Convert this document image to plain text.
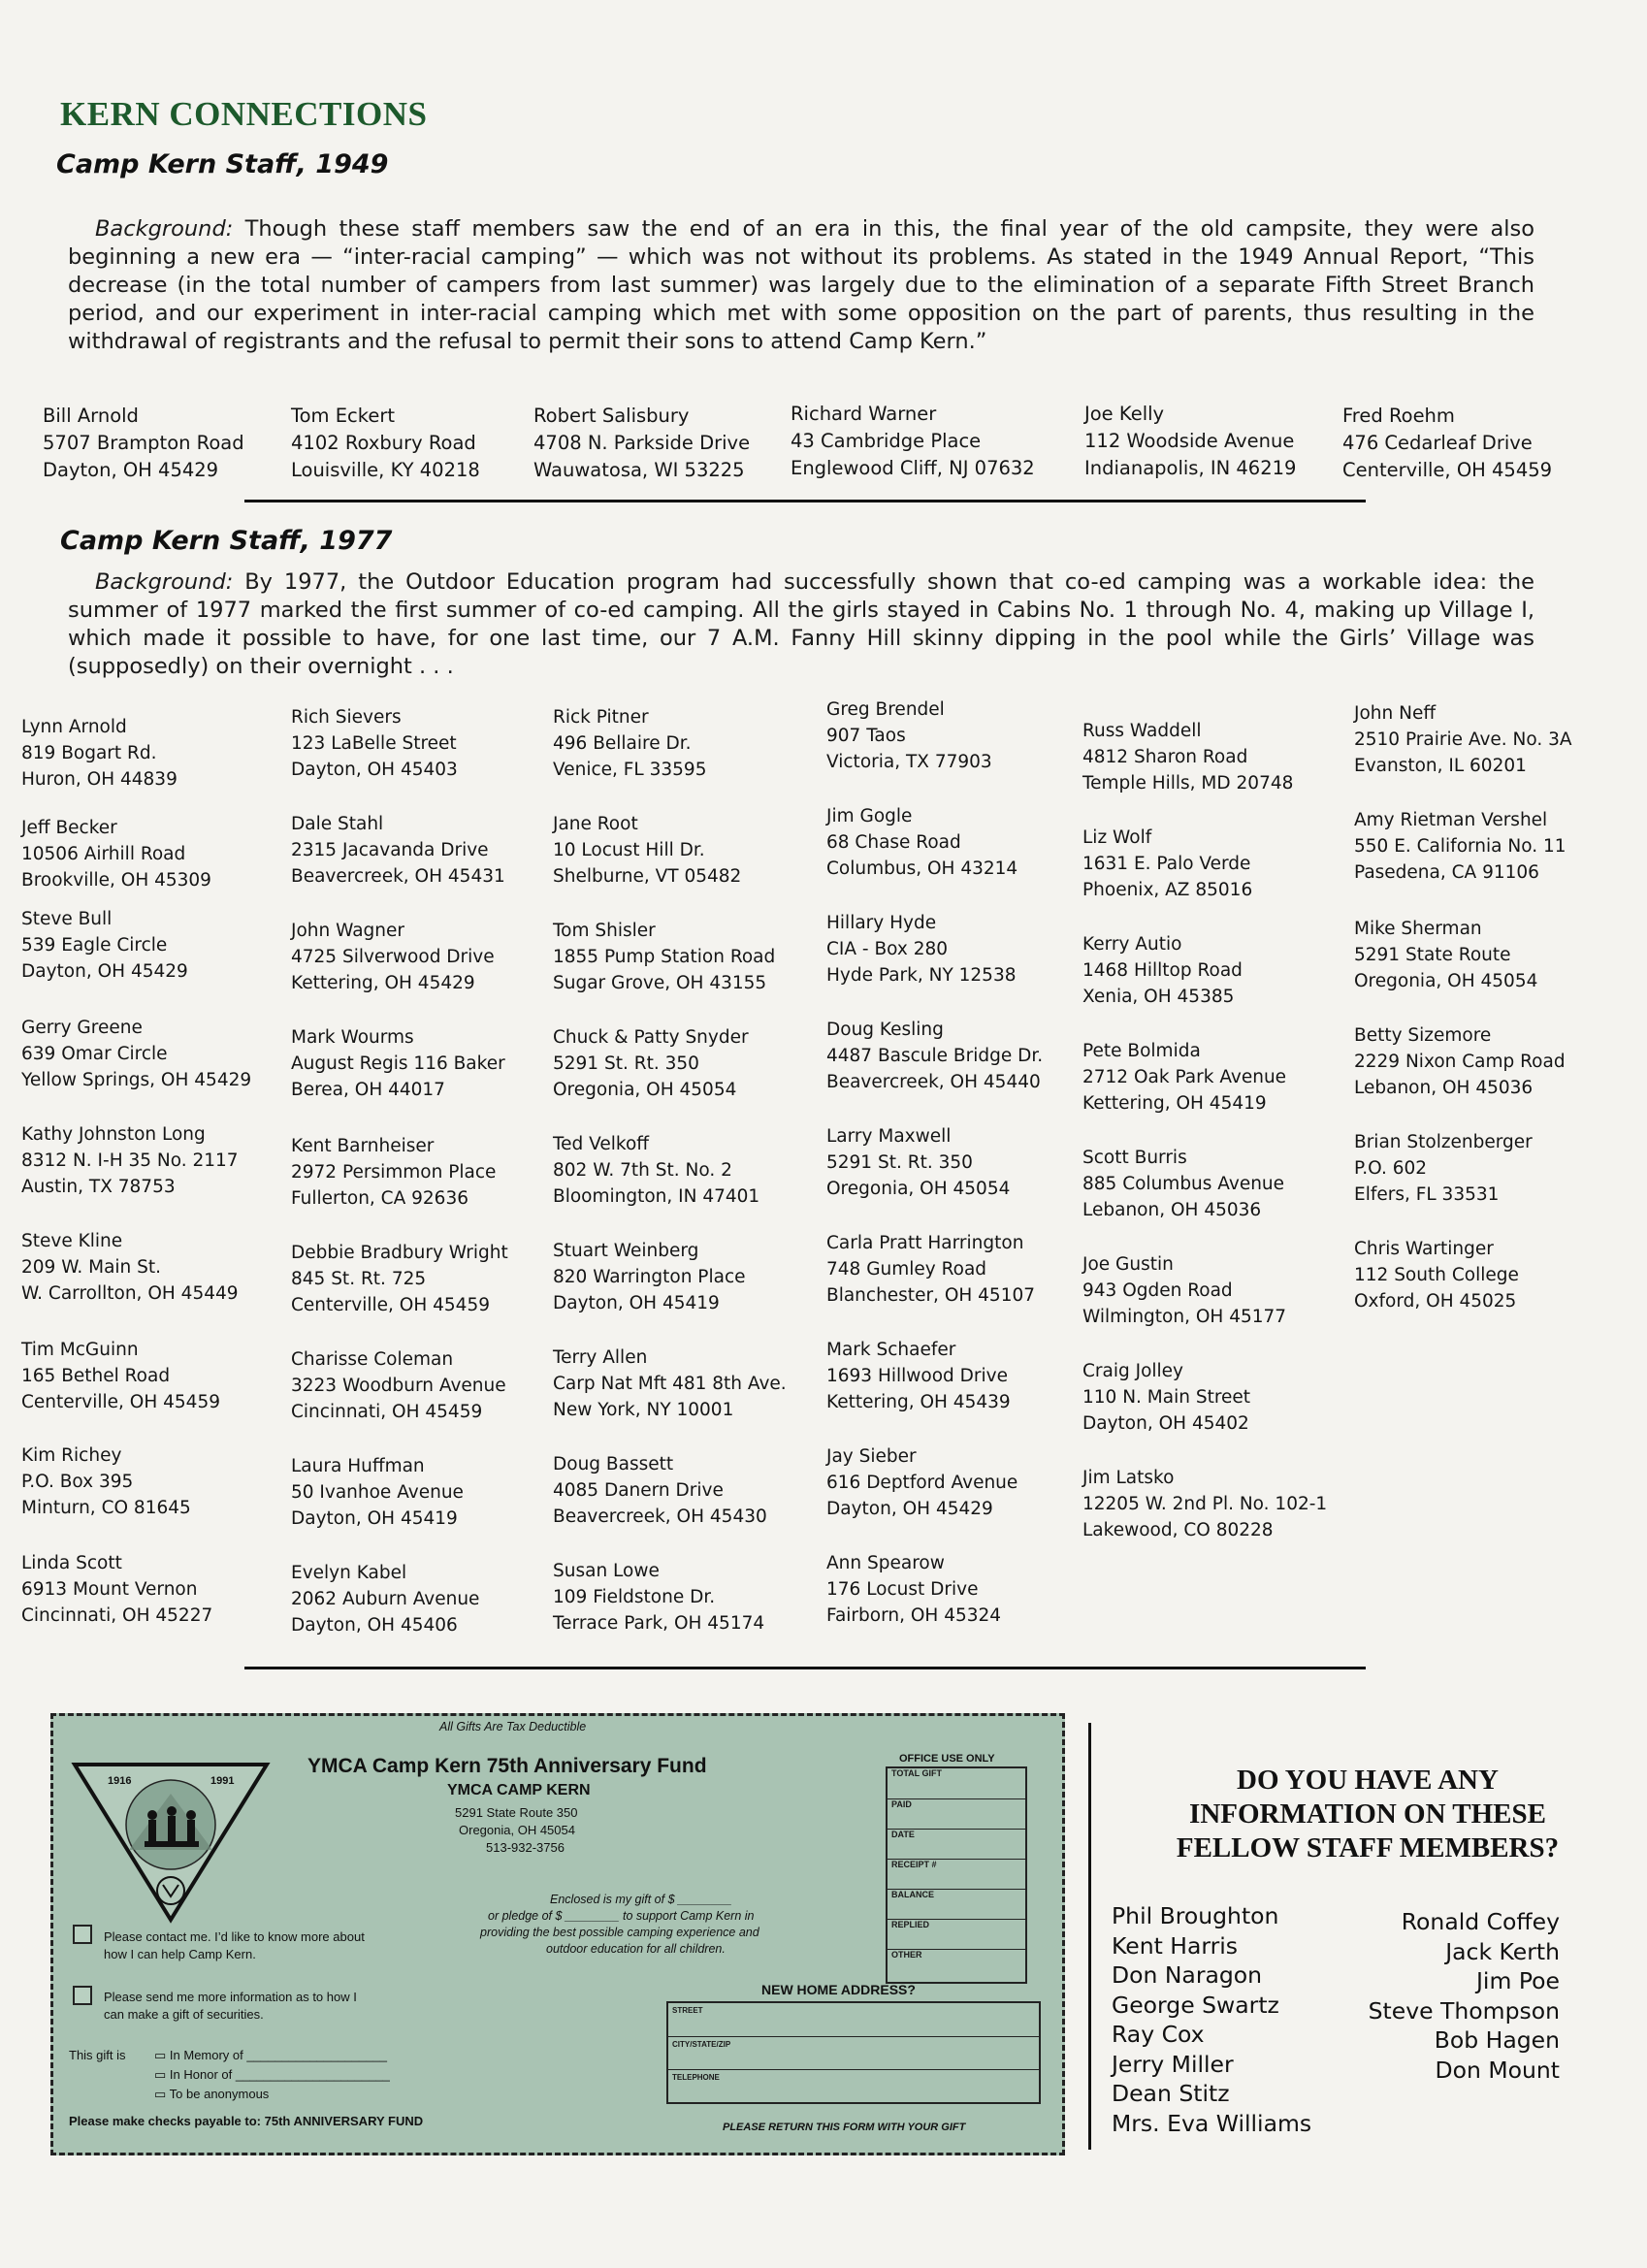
KERN CONNECTIONS
Camp Kern Staff, 1949
Background: Though these staff members saw the end of an era in this, the final year of the old campsite, they were also beginning a new era — “inter-racial camping” — which was not without its problems. As stated in the 1949 Annual Report, “This decrease (in the total number of campers from last summer) was largely due to the elimination of a separate Fifth Street Branch period, and our experiment in inter-racial camping which met with some opposition on the part of parents, thus resulting in the withdrawal of registrants and the refusal to permit their sons to attend Camp Kern.”
Bill Arnold
5707 Brampton Road
Dayton, OH 45429
Tom Eckert
4102 Roxbury Road
Louisville, KY 40218
Robert Salisbury
4708 N. Parkside Drive
Wauwatosa, WI 53225
Richard Warner
43 Cambridge Place
Englewood Cliff, NJ 07632
Joe Kelly
112 Woodside Avenue
Indianapolis, IN 46219
Fred Roehm
476 Cedarleaf Drive
Centerville, OH 45459
Camp Kern Staff, 1977
Background: By 1977, the Outdoor Education program had successfully shown that co-ed camping was a workable idea: the summer of 1977 marked the first summer of co-ed camping. All the girls stayed in Cabins No. 1 through No. 4, making up Village I, which made it possible to have, for one last time, our 7 A.M. Fanny Hill skinny dipping in the pool while the Girls’ Village was (supposedly) on their overnight . . .
Lynn Arnold
819 Bogart Rd.
Huron, OH 44839
Jeff Becker
10506 Airhill Road
Brookville, OH 45309
Steve Bull
539 Eagle Circle
Dayton, OH 45429
Gerry Greene
639 Omar Circle
Yellow Springs, OH 45429
Kathy Johnston Long
8312 N. I-H 35 No. 2117
Austin, TX 78753
Steve Kline
209 W. Main St.
W. Carrollton, OH 45449
Tim McGuinn
165 Bethel Road
Centerville, OH 45459
Kim Richey
P.O. Box 395
Minturn, CO 81645
Linda Scott
6913 Mount Vernon
Cincinnati, OH 45227
Rich Sievers
123 LaBelle Street
Dayton, OH 45403
Dale Stahl
2315 Jacavanda Drive
Beavercreek, OH 45431
John Wagner
4725 Silverwood Drive
Kettering, OH 45429
Mark Wourms
August Regis 116 Baker
Berea, OH 44017
Kent Barnheiser
2972 Persimmon Place
Fullerton, CA 92636
Debbie Bradbury Wright
845 St. Rt. 725
Centerville, OH 45459
Charisse Coleman
3223 Woodburn Avenue
Cincinnati, OH 45459
Laura Huffman
50 Ivanhoe Avenue
Dayton, OH 45419
Evelyn Kabel
2062 Auburn Avenue
Dayton, OH 45406
Rick Pitner
496 Bellaire Dr.
Venice, FL 33595
Jane Root
10 Locust Hill Dr.
Shelburne, VT 05482
Tom Shisler
1855 Pump Station Road
Sugar Grove, OH 43155
Chuck & Patty Snyder
5291 St. Rt. 350
Oregonia, OH 45054
Ted Velkoff
802 W. 7th St. No. 2
Bloomington, IN 47401
Stuart Weinberg
820 Warrington Place
Dayton, OH 45419
Terry Allen
Carp Nat Mft 481 8th Ave.
New York, NY 10001
Doug Bassett
4085 Danern Drive
Beavercreek, OH 45430
Susan Lowe
109 Fieldstone Dr.
Terrace Park, OH 45174
Greg Brendel
907 Taos
Victoria, TX 77903
Jim Gogle
68 Chase Road
Columbus, OH 43214
Hillary Hyde
CIA - Box 280
Hyde Park, NY 12538
Doug Kesling
4487 Bascule Bridge Dr.
Beavercreek, OH 45440
Larry Maxwell
5291 St. Rt. 350
Oregonia, OH 45054
Carla Pratt Harrington
748 Gumley Road
Blanchester, OH 45107
Mark Schaefer
1693 Hillwood Drive
Kettering, OH 45439
Jay Sieber
616 Deptford Avenue
Dayton, OH 45429
Ann Spearow
176 Locust Drive
Fairborn, OH 45324
Russ Waddell
4812 Sharon Road
Temple Hills, MD 20748
Liz Wolf
1631 E. Palo Verde
Phoenix, AZ 85016
Kerry Autio
1468 Hilltop Road
Xenia, OH 45385
Pete Bolmida
2712 Oak Park Avenue
Kettering, OH 45419
Scott Burris
885 Columbus Avenue
Lebanon, OH 45036
Joe Gustin
943 Ogden Road
Wilmington, OH 45177
Craig Jolley
110 N. Main Street
Dayton, OH 45402
Jim Latsko
12205 W. 2nd Pl. No. 102-1
Lakewood, CO 80228
John Neff
2510 Prairie Ave. No. 3A
Evanston, IL 60201
Amy Rietman Vershel
550 E. California No. 11
Pasedena, CA 91106
Mike Sherman
5291 State Route
Oregonia, OH 45054
Betty Sizemore
2229 Nixon Camp Road
Lebanon, OH 45036
Brian Stolzenberger
P.O. 602
Elfers, FL 33531
Chris Wartinger
112 South College
Oxford, OH 45025
All Gifts Are Tax Deductible
1916	1991
YMCA Camp Kern 75th Anniversary Fund
YMCA CAMP KERN
5291 State Route 350
Oregonia, OH 45054
513-932-3756
OFFICE USE ONLY
TOTAL GIFT
PAID
DATE
RECEIPT #
BALANCE
REPLIED
OTHER
Enclosed is my gift of $ ________
or pledge of $ ________ to support Camp Kern in
providing the best possible camping experience and
outdoor education for all children.
Please contact me. I’d like to know more about
how I can help Camp Kern.
Please send me more information as to how I
can make a gift of securities.
NEW HOME ADDRESS?
STREET
CITY/STATE/ZIP
TELEPHONE
This gift is ▭ In Memory of ____________________
▭ In Honor of ______________________
▭ To be anonymous
Please make checks payable to: 75th ANNIVERSARY FUND	PLEASE RETURN THIS FORM WITH YOUR GIFT
DO YOU HAVE ANY
INFORMATION ON THESE
FELLOW STAFF MEMBERS?
Phil Broughton
Kent Harris
Don Naragon
George Swartz
Ray Cox
Jerry Miller
Dean Stitz
Mrs. Eva Williams
Ronald Coffey
Jack Kerth
Jim Poe
Steve Thompson
Bob Hagen
Don Mount
